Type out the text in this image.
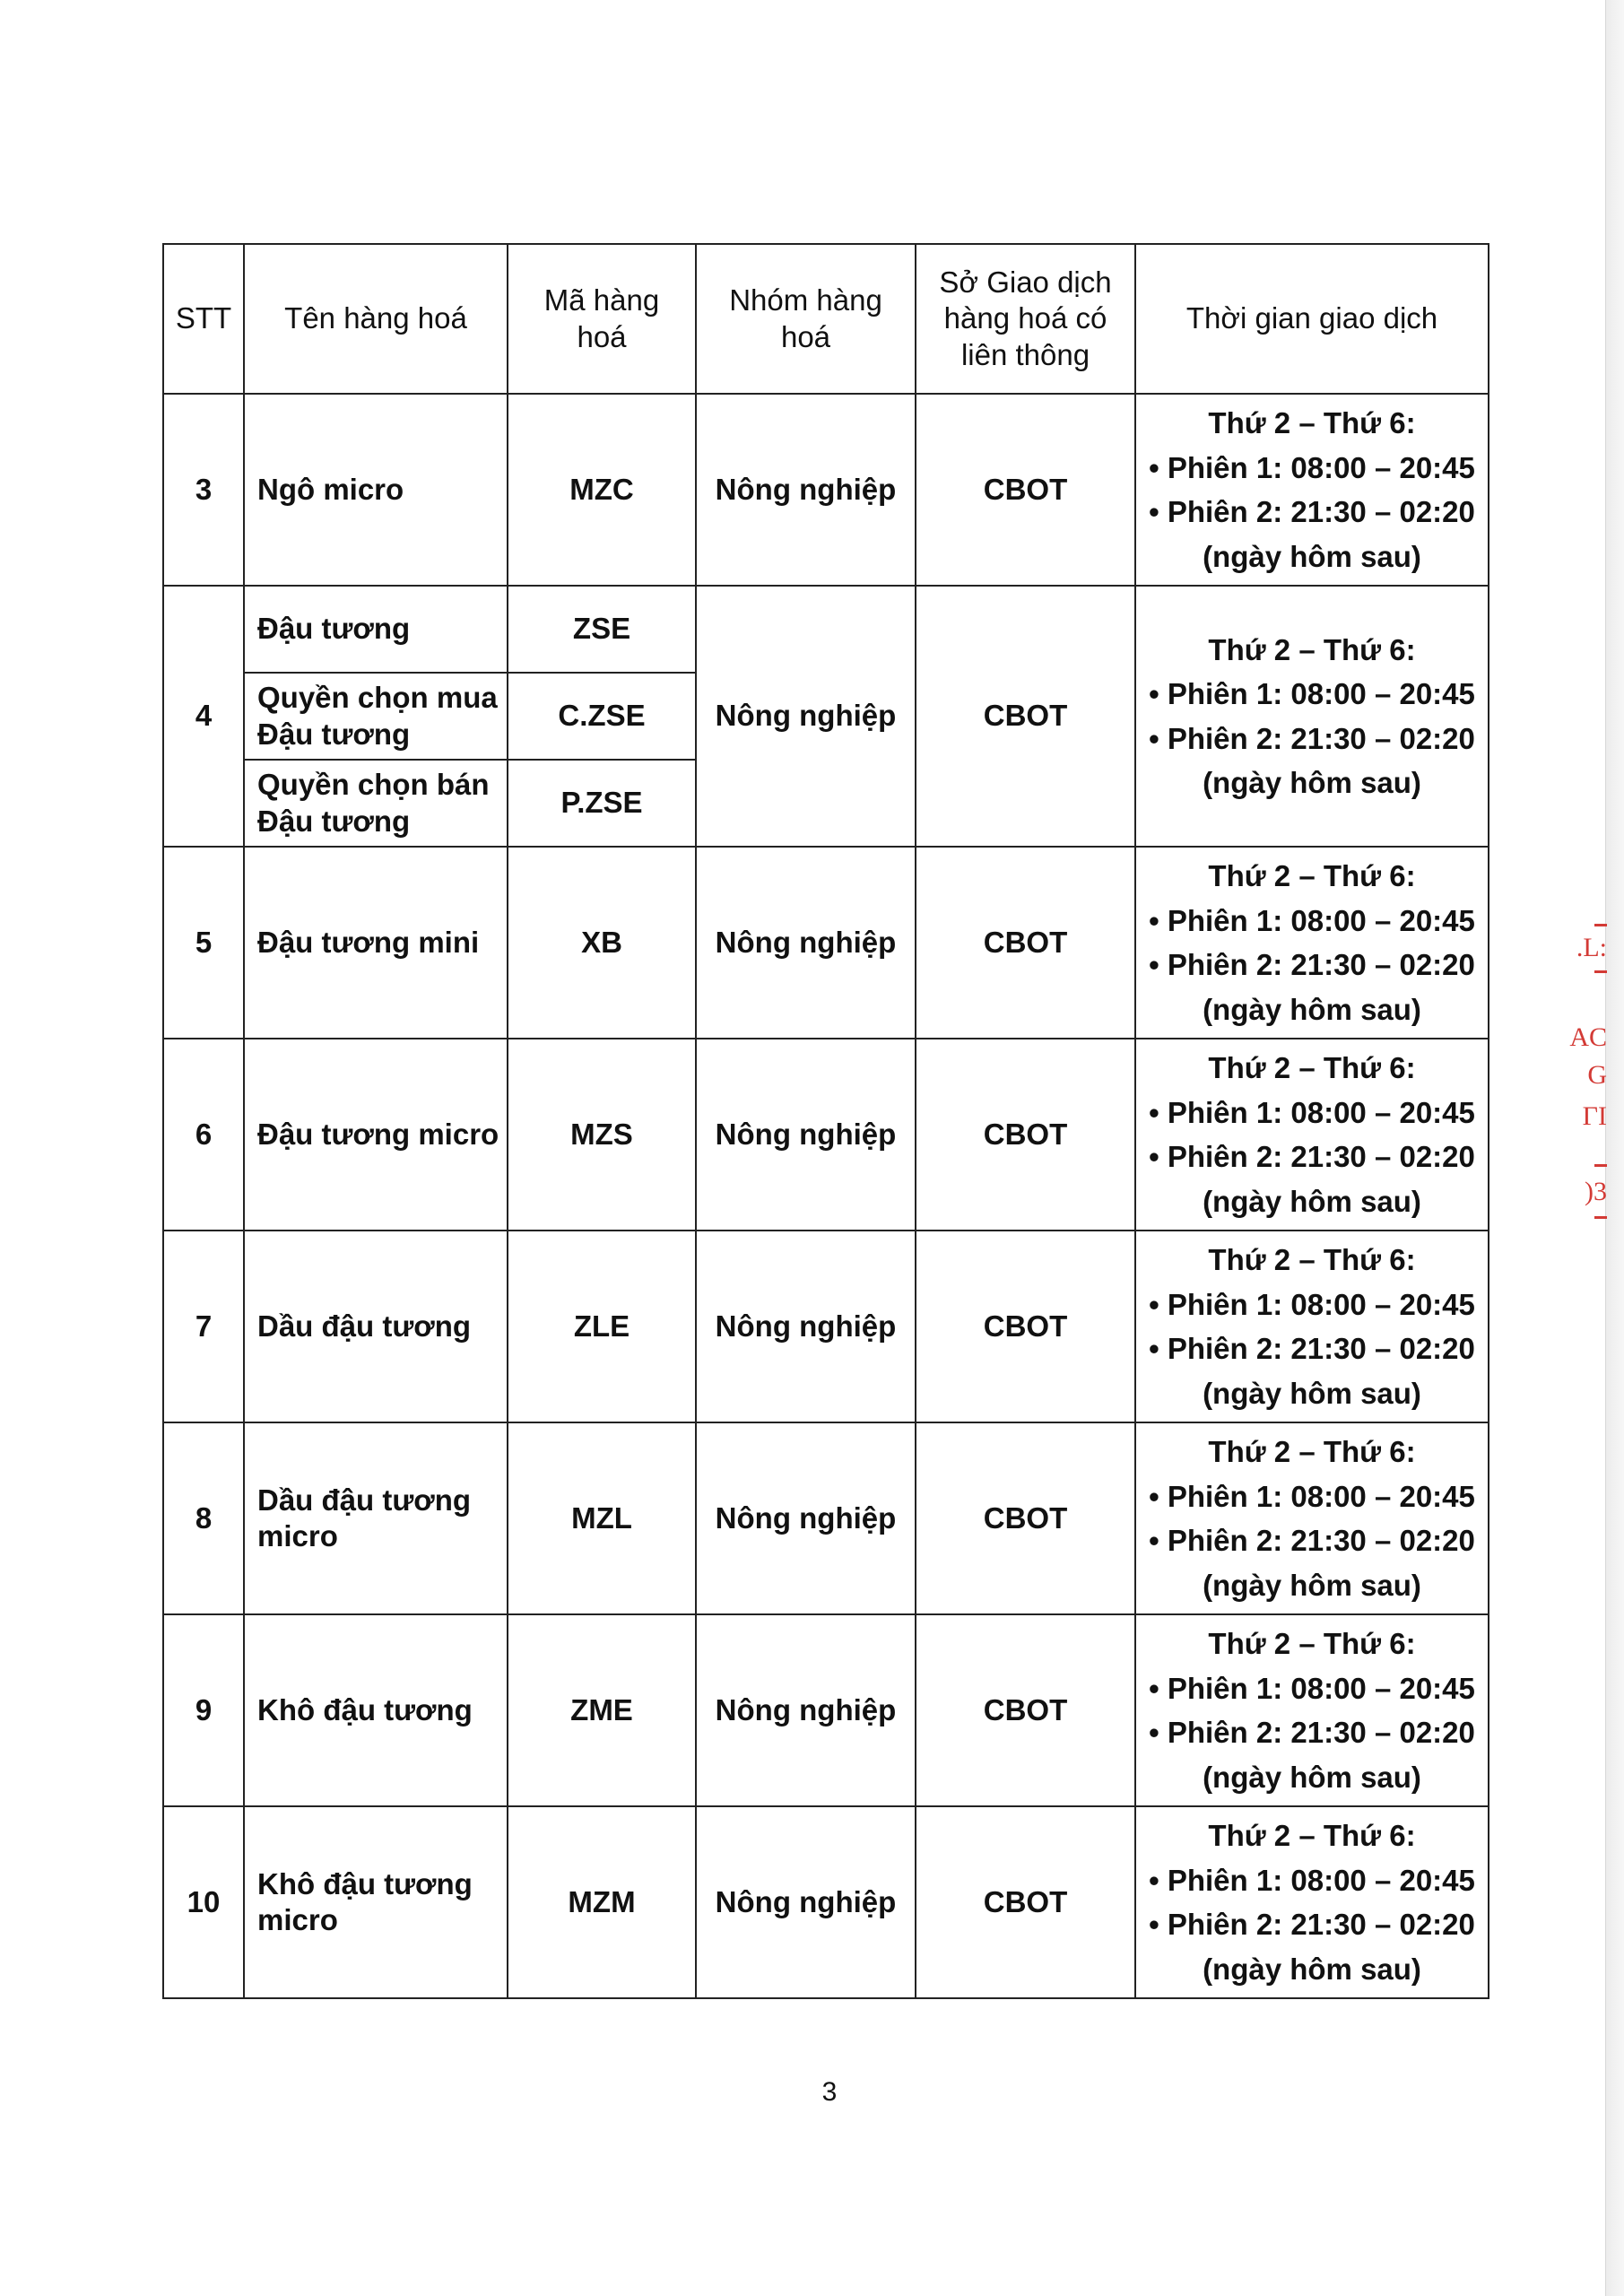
.L:
AC
G
ΓI
)3
STT	Tên hàng hoá	Mã hàng hoá	Nhóm hàng hoá	Sở Giao dịch hàng hoá có liên thông	Thời gian giao dịch
3	Ngô micro	MZC	Nông nghiệp	CBOT	Thứ 2 – Thứ 6:
• Phiên 1: 08:00 – 20:45
• Phiên 2: 21:30 – 02:20
(ngày hôm sau)

4	Đậu tương	ZSE	Nông nghiệp	CBOT	Thứ 2 – Thứ 6:
• Phiên 1: 08:00 – 20:45
• Phiên 2: 21:30 – 02:20
(ngày hôm sau)

	Quyền chọn mua Đậu tương	C.ZSE			
	Quyền chọn bán Đậu tương	P.ZSE			
5	Đậu tương mini	XB	Nông nghiệp	CBOT	Thứ 2 – Thứ 6:
• Phiên 1: 08:00 – 20:45
• Phiên 2: 21:30 – 02:20
(ngày hôm sau)

6	Đậu tương micro	MZS	Nông nghiệp	CBOT	Thứ 2 – Thứ 6:
• Phiên 1: 08:00 – 20:45
• Phiên 2: 21:30 – 02:20
(ngày hôm sau)

7	Dầu đậu tương	ZLE	Nông nghiệp	CBOT	Thứ 2 – Thứ 6:
• Phiên 1: 08:00 – 20:45
• Phiên 2: 21:30 – 02:20
(ngày hôm sau)

8	Dầu đậu tương micro	MZL	Nông nghiệp	CBOT	Thứ 2 – Thứ 6:
• Phiên 1: 08:00 – 20:45
• Phiên 2: 21:30 – 02:20
(ngày hôm sau)

9	Khô đậu tương	ZME	Nông nghiệp	CBOT	Thứ 2 – Thứ 6:
• Phiên 1: 08:00 – 20:45
• Phiên 2: 21:30 – 02:20
(ngày hôm sau)

10	Khô đậu tương micro	MZM	Nông nghiệp	CBOT	Thứ 2 – Thứ 6:
• Phiên 1: 08:00 – 20:45
• Phiên 2: 21:30 – 02:20
(ngày hôm sau)
3
